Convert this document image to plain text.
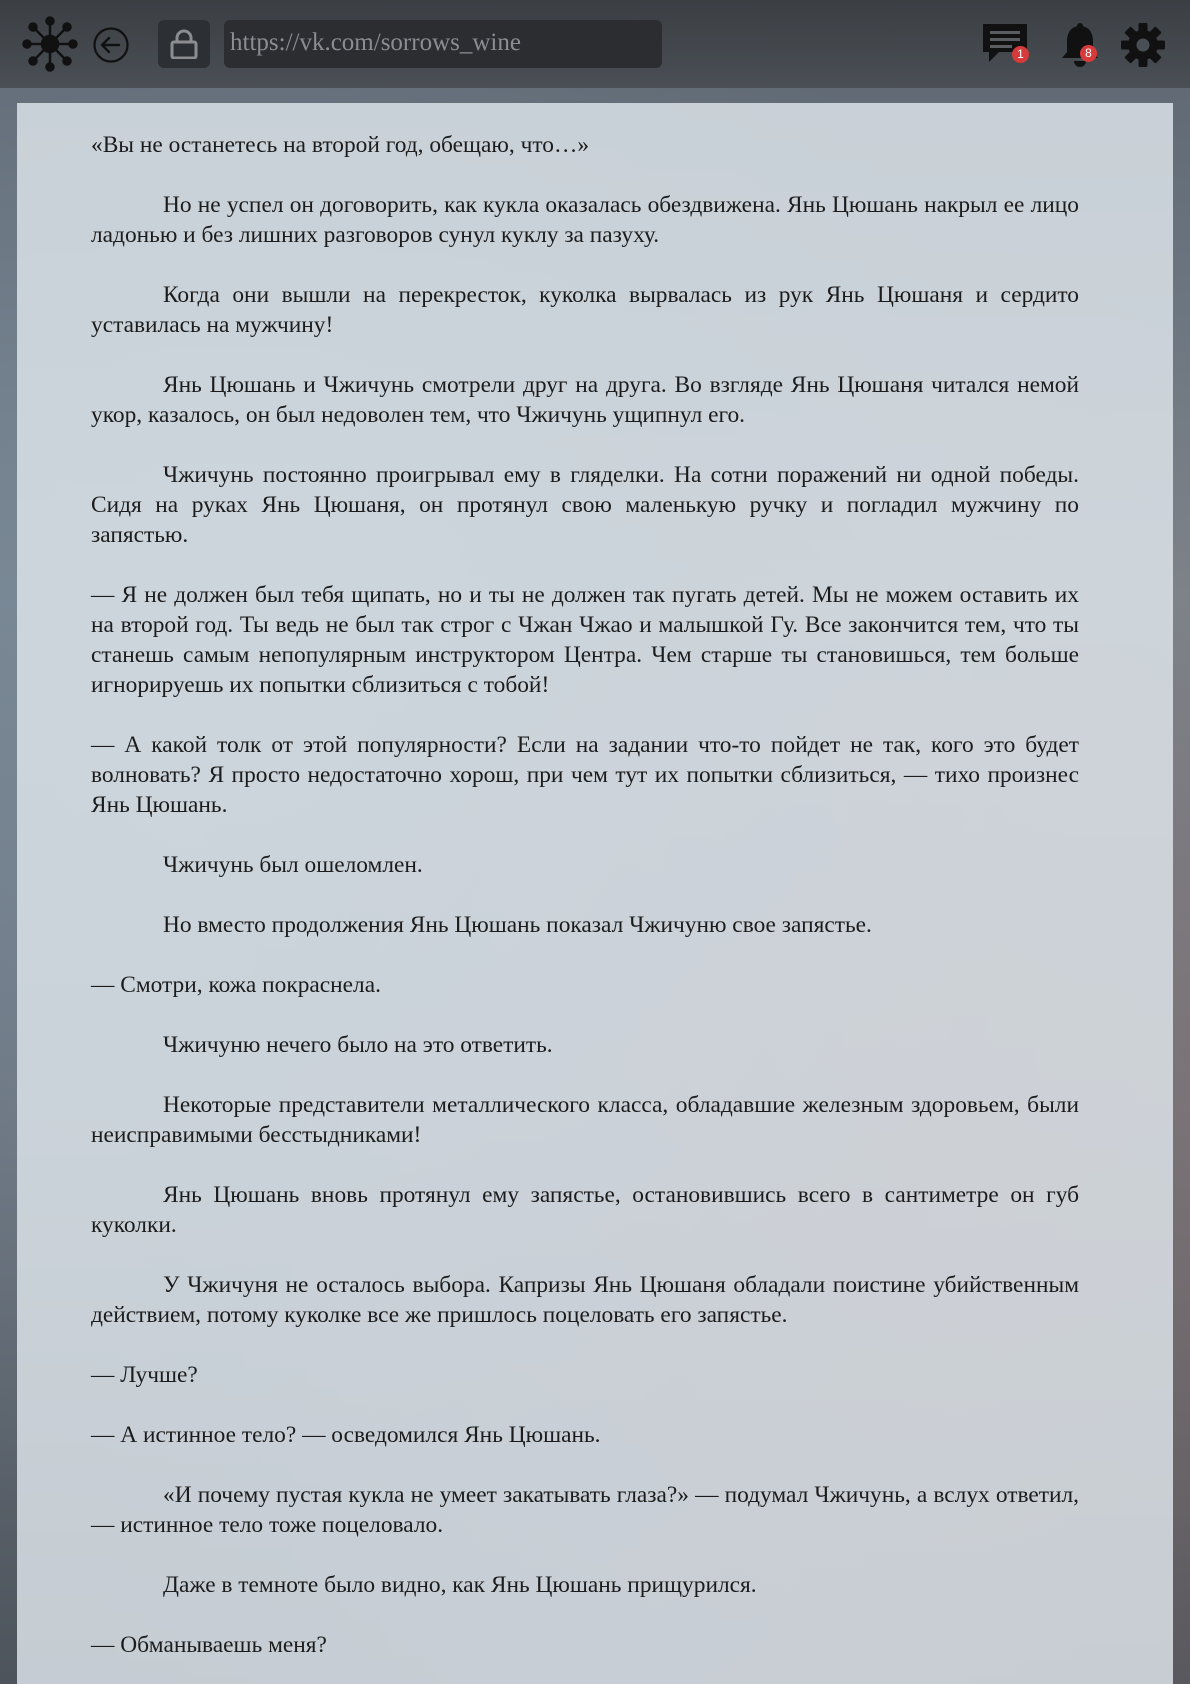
https://vk.com/sorrows_wine	1	8

«Вы не останетесь на второй год, обещаю, что…»

Но не успел он договорить, как кукла оказалась обездвижена. Янь Цюшань накрыл ее лицо ладонью и без лишних разговоров сунул куклу за пазуху.

Когда они вышли на перекресток, куколка вырвалась из рук Янь Цюшаня и сердито уставилась на мужчину!

Янь Цюшань и Чжичунь смотрели друг на друга. Во взгляде Янь Цюшаня читался немой укор, казалось, он был недоволен тем, что Чжичунь ущипнул его.

Чжичунь постоянно проигрывал ему в гляделки. На сотни поражений ни одной победы. Сидя на руках Янь Цюшаня, он протянул свою маленькую ручку и погладил мужчину по запястью.

— Я не должен был тебя щипать, но и ты не должен так пугать детей. Мы не можем оставить их на второй год. Ты ведь не был так строг с Чжан Чжао и малышкой Гу. Все закончится тем, что ты станешь самым непопулярным инструктором Центра. Чем старше ты становишься, тем больше игнорируешь их попытки сблизиться с тобой!

— А какой толк от этой популярности? Если на задании что-то пойдет не так, кого это будет волновать? Я просто недостаточно хорош, при чем тут их попытки сблизиться, — тихо произнес Янь Цюшань.

Чжичунь был ошеломлен.

Но вместо продолжения Янь Цюшань показал Чжичуню свое запястье.

— Смотри, кожа покраснела.

Чжичуню нечего было на это ответить.

Некоторые представители металлического класса, обладавшие железным здоровьем, были неисправимыми бесстыдниками!

Янь Цюшань вновь протянул ему запястье, остановившись всего в сантиметре он губ куколки.

У Чжичуня не осталось выбора. Капризы Янь Цюшаня обладали поистине убийственным действием, потому куколке все же пришлось поцеловать его запястье.

— Лучше?

— А истинное тело? — осведомился Янь Цюшань.

«И почему пустая кукла не умеет закатывать глаза?» — подумал Чжичунь, а вслух ответил, — истинное тело тоже поцеловало.

Даже в темноте было видно, как Янь Цюшань прищурился.

— Обманываешь меня?
